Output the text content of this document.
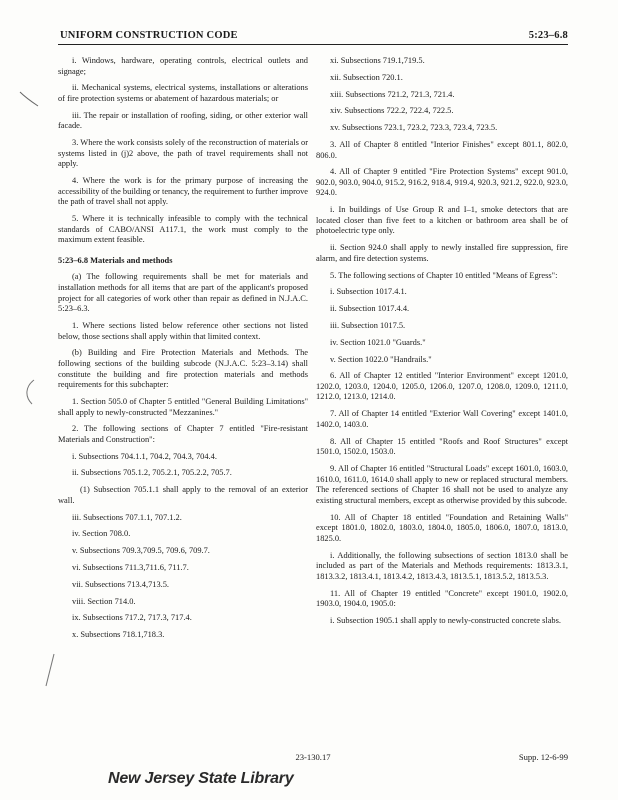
UNIFORM CONSTRUCTION CODE	5:23–6.8

i. Windows, hardware, operating controls, electrical outlets and signage;

ii. Mechanical systems, electrical systems, installations or alterations of fire protection systems or abatement of hazardous materials; or

iii. The repair or installation of roofing, siding, or other exterior wall facade.

3. Where the work consists solely of the reconstruction of materials or systems listed in (j)2 above, the path of travel requirements shall not apply.

4. Where the work is for the primary purpose of increasing the accessibility of the building or tenancy, the requirement to further improve the path of travel shall not apply.

5. Where it is technically infeasible to comply with the technical standards of CABO/ANSI A117.1, the work must comply to the maximum extent feasible.

5:23–6.8 Materials and methods

(a) The following requirements shall be met for materials and installation methods for all items that are part of the applicant's proposed project for all categories of work other than repair as defined in N.J.A.C. 5:23–6.3.

1. Where sections listed below reference other sections not listed below, those sections shall apply within that limited context.

(b) Building and Fire Protection Materials and Methods. The following sections of the building subcode (N.J.A.C. 5:23–3.14) shall constitute the building and fire protection materials and methods requirements for this subchapter:

1. Section 505.0 of Chapter 5 entitled "General Building Limitations" shall apply to newly-constructed "Mezzanines."

2. The following sections of Chapter 7 entitled "Fire-resistant Materials and Construction":

i. Subsections 704.1.1, 704.2, 704.3, 704.4.

ii. Subsections 705.1.2, 705.2.1, 705.2.2, 705.7.

(1) Subsection 705.1.1 shall apply to the removal of an exterior wall.

iii. Subsections 707.1.1, 707.1.2.

iv. Section 708.0.

v. Subsections 709.3,709.5, 709.6, 709.7.

vi. Subsections 711.3,711.6, 711.7.

vii. Subsections 713.4,713.5.

viii. Section 714.0.

ix. Subsections 717.2, 717.3, 717.4.

x. Subsections 718.1,718.3.

xi. Subsections 719.1,719.5.

xii. Subsection 720.1.

xiii. Subsections 721.2, 721.3, 721.4.

xiv. Subsections 722.2, 722.4, 722.5.

xv. Subsections 723.1, 723.2, 723.3, 723.4, 723.5.

3. All of Chapter 8 entitled "Interior Finishes" except 801.1, 802.0, 806.0.

4. All of Chapter 9 entitled "Fire Protection Systems" except 901.0, 902.0, 903.0, 904.0, 915.2, 916.2, 918.4, 919.4, 920.3, 921.2, 922.0, 923.0, 924.0.

i. In buildings of Use Group R and I–1, smoke detectors that are located closer than five feet to a kitchen or bathroom area shall be of photoelectric type only.

ii. Section 924.0 shall apply to newly installed fire suppression, fire alarm, and fire detection systems.

5. The following sections of Chapter 10 entitled "Means of Egress":

i. Subsection 1017.4.1.

ii. Subsection 1017.4.4.

iii. Subsection 1017.5.

iv. Section 1021.0 "Guards."

v. Section 1022.0 "Handrails."

6. All of Chapter 12 entitled "Interior Environment" except 1201.0, 1202.0, 1203.0, 1204.0, 1205.0, 1206.0, 1207.0, 1208.0, 1209.0, 1211.0, 1212.0, 1213.0, 1214.0.

7. All of Chapter 14 entitled "Exterior Wall Covering" except 1401.0, 1402.0, 1403.0.

8. All of Chapter 15 entitled "Roofs and Roof Structures" except 1501.0, 1502.0, 1503.0.

9. All of Chapter 16 entitled "Structural Loads" except 1601.0, 1603.0, 1610.0, 1611.0, 1614.0 shall apply to new or replaced structural members. The referenced sections of Chapter 16 shall not be used to analyze any existing structural members, except as otherwise provided by this subcode.

10. All of Chapter 18 entitled "Foundation and Retaining Walls" except 1801.0, 1802.0, 1803.0, 1804.0, 1805.0, 1806.0, 1807.0, 1813.0, 1825.0.

i. Additionally, the following subsections of section 1813.0 shall be included as part of the Materials and Methods requirements: 1813.3.1, 1813.3.2, 1813.4.1, 1813.4.2, 1813.4.3, 1813.5.1, 1813.5.2, 1813.5.3.

11. All of Chapter 19 entitled "Concrete" except 1901.0, 1902.0, 1903.0, 1904.0, 1905.0:

i. Subsection 1905.1 shall apply to newly-constructed concrete slabs.

23-130.17	Supp. 12-6-99
New Jersey State Library
